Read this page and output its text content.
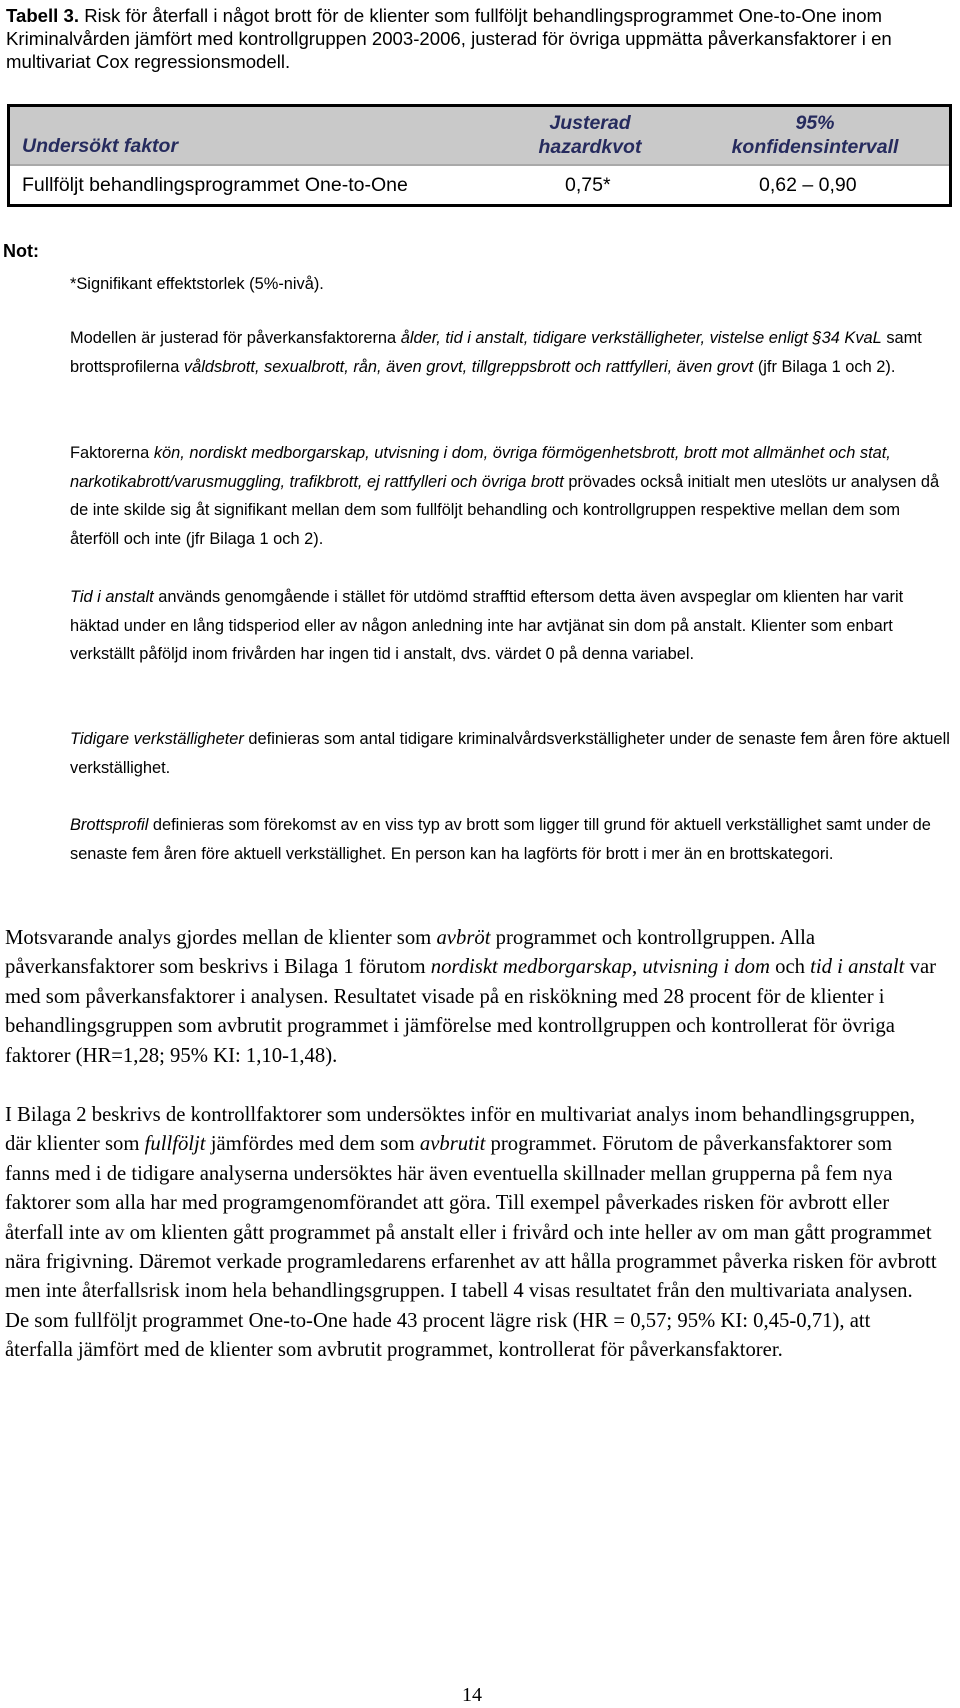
Tabell 3. Risk för återfall i något brott för de klienter som fullföljt behandlingsprogrammet One-to-One inom Kriminalvården jämfört med kontrollgruppen 2003-2006, justerad för övriga uppmätta påverkansfaktorer i en multivariat Cox regressionsmodell.
Undersökt faktor
Justerad
hazardkvot
95%
konfidensintervall
Fullföljt behandlingsprogrammet One-to-One	0,75*	0,62 – 0,90
Not:
*Signifikant effektstorlek (5%-nivå).
Modellen är justerad för påverkansfaktorerna ålder, tid i anstalt, tidigare verkställigheter, vistelse enligt §34 KvaL samt brottsprofilerna våldsbrott, sexualbrott, rån, även grovt, tillgreppsbrott och rattfylleri, även grovt (jfr Bilaga 1 och 2).
Faktorerna kön, nordiskt medborgarskap, utvisning i dom, övriga förmögenhetsbrott, brott mot allmänhet och stat, narkotikabrott/varusmuggling, trafikbrott, ej rattfylleri och övriga brott prövades också initialt men uteslöts ur analysen då de inte skilde sig åt signifikant mellan dem som fullföljt behandling och kontrollgruppen respektive mellan dem som återföll och inte (jfr Bilaga 1 och 2).
Tid i anstalt används genomgående i stället för utdömd strafftid eftersom detta även avspeglar om klienten har varit häktad under en lång tidsperiod eller av någon anledning inte har avtjänat sin dom på anstalt. Klienter som enbart verkställt påföljd inom frivården har ingen tid i anstalt, dvs. värdet 0 på denna variabel.
Tidigare verkställigheter definieras som antal tidigare kriminalvårdsverkställigheter under de senaste fem åren före aktuell verkställighet.
Brottsprofil definieras som förekomst av en viss typ av brott som ligger till grund för aktuell verkställighet samt under de senaste fem åren före aktuell verkställighet. En person kan ha lagförts för brott i mer än en brottskategori.
Motsvarande analys gjordes mellan de klienter som avbröt programmet och kontrollgruppen. Alla påverkansfaktorer som beskrivs i Bilaga 1 förutom nordiskt medborgarskap, utvisning i dom och tid i anstalt var med som påverkansfaktorer i analysen. Resultatet visade på en riskökning med 28 procent för de klienter i behandlingsgruppen som avbrutit programmet i jämförelse med kontrollgruppen och kontrollerat för övriga faktorer (HR=1,28; 95% KI: 1,10-1,48).
I Bilaga 2 beskrivs de kontrollfaktorer som undersöktes inför en multivariat analys inom behandlingsgruppen, där klienter som fullföljt jämfördes med dem som avbrutit programmet. Förutom de påverkansfaktorer som fanns med i de tidigare analyserna undersöktes här även eventuella skillnader mellan grupperna på fem nya faktorer som alla har med programgenomförandet att göra. Till exempel påverkades risken för avbrott eller återfall inte av om klienten gått programmet på anstalt eller i frivård och inte heller av om man gått programmet nära frigivning. Däremot verkade programledarens erfarenhet av att hålla programmet påverka risken för avbrott men inte återfallsrisk inom hela behandlingsgruppen. I tabell 4 visas resultatet från den multivariata analysen. De som fullföljt programmet One-to-One hade 43 procent lägre risk (HR = 0,57; 95% KI: 0,45-0,71), att återfalla jämfört med de klienter som avbrutit programmet, kontrollerat för påverkansfaktorer.
14
